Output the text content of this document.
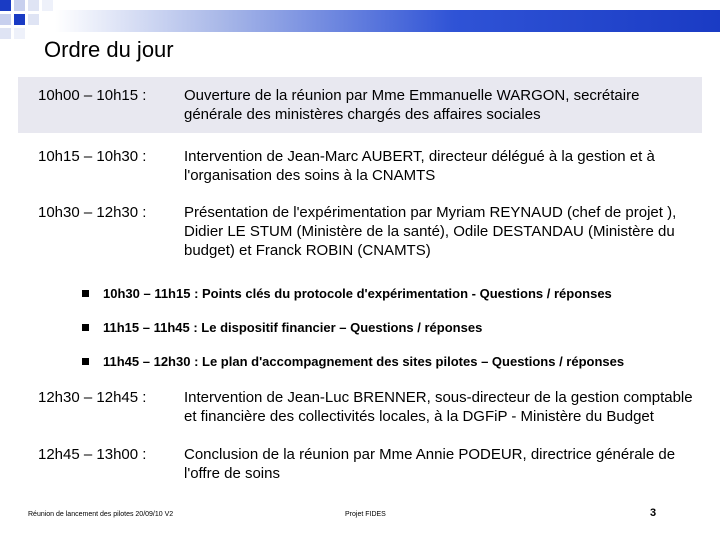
Ordre du jour
10h00 – 10h15 :	Ouverture de la réunion par Mme Emmanuelle WARGON, secrétaire générale des ministères chargés des affaires sociales
10h15 – 10h30 :	Intervention de Jean-Marc AUBERT, directeur délégué à la gestion et à l'organisation des soins à la CNAMTS
10h30 – 12h30 :	Présentation de l'expérimentation par Myriam REYNAUD (chef de projet ), Didier LE STUM (Ministère de la santé), Odile DESTANDAU (Ministère du budget) et Franck ROBIN (CNAMTS)
10h30 – 11h15 : Points clés du protocole d'expérimentation - Questions / réponses
11h15 – 11h45 : Le dispositif financier – Questions / réponses
11h45 – 12h30 : Le plan d'accompagnement des sites pilotes – Questions / réponses
12h30 – 12h45 :	Intervention de Jean-Luc BRENNER, sous-directeur de la gestion comptable et financière des collectivités locales, à la DGFiP - Ministère du Budget
12h45 – 13h00 :	Conclusion de la réunion par Mme Annie PODEUR, directrice générale de l'offre de soins
Réunion de lancement des pilotes 20/09/10 V2	Projet FIDES	3
